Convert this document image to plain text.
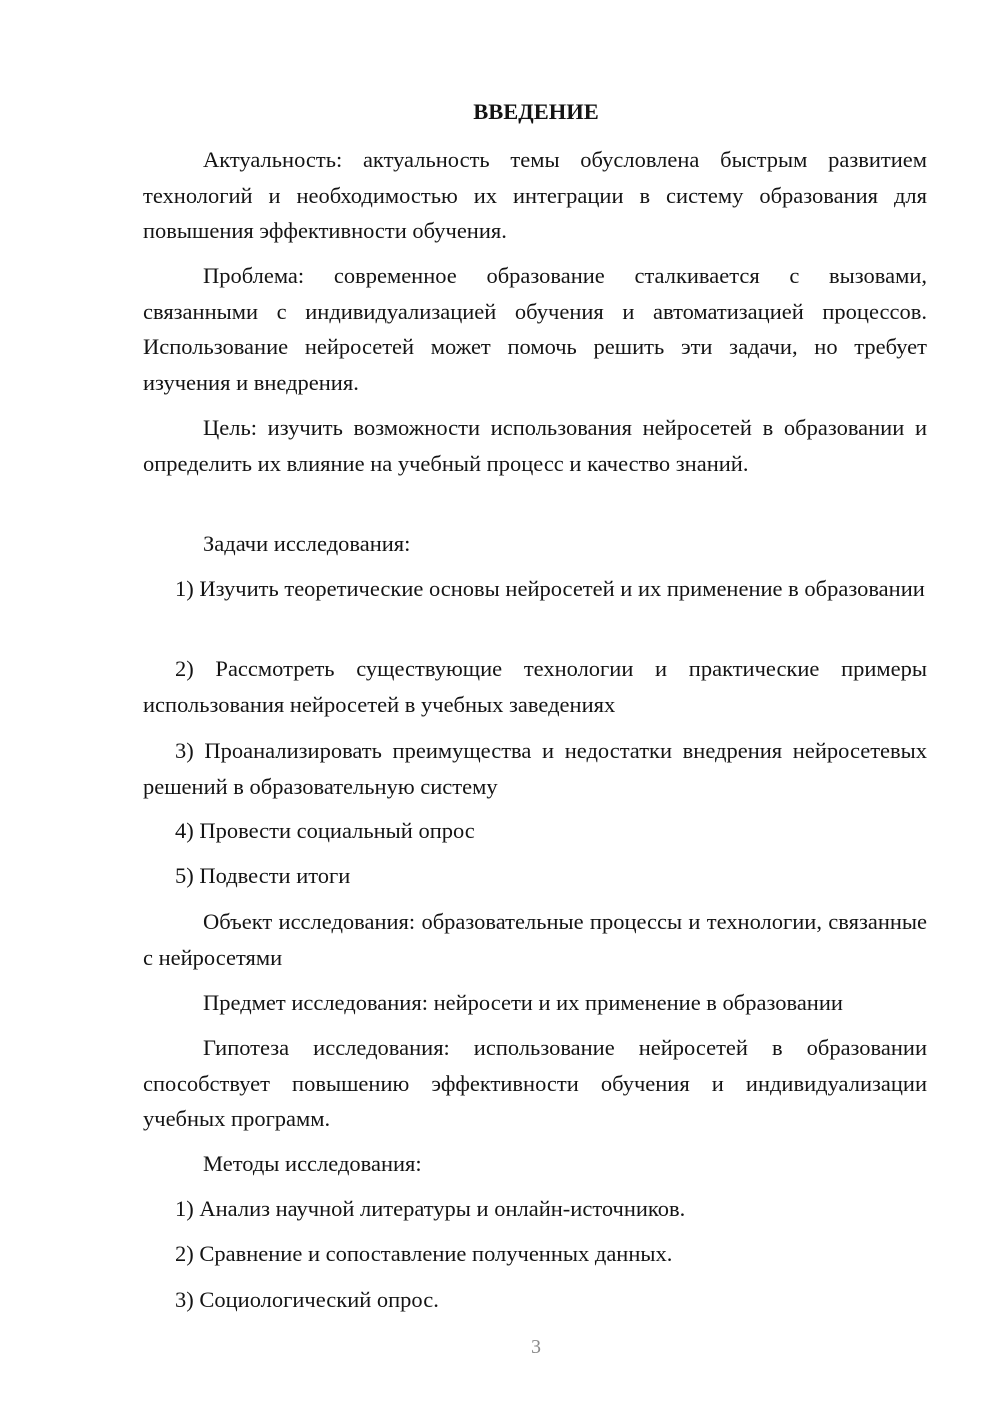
ВВЕДЕНИЕ

Актуальность: актуальность темы обусловлена быстрым развитием технологий и необходимостью их интеграции в систему образования для повышения эффективности обучения.

Проблема: современное образование сталкивается с вызовами, связанными с индивидуализацией обучения и автоматизацией процессов. Использование нейросетей может помочь решить эти задачи, но требует изучения и внедрения.

Цель: изучить возможности использования нейросетей в образовании и определить их влияние на учебный процесс и качество знаний.

Задачи исследования:

1) Изучить теоретические основы нейросетей и их применение в образовании

2) Рассмотреть существующие технологии и практические примеры использования нейросетей в учебных заведениях

3) Проанализировать преимущества и недостатки внедрения нейросетевых решений в образовательную систему

4) Провести социальный опрос

5) Подвести итоги

Объект исследования: образовательные процессы и технологии, связанные с нейросетями

Предмет исследования: нейросети и их применение в образовании

Гипотеза исследования: использование нейросетей в образовании способствует повышению эффективности обучения и индивидуализации учебных программ.

Методы исследования:

1) Анализ научной литературы и онлайн-источников.

2) Сравнение и сопоставление полученных данных.

3) Социологический опрос.

3
